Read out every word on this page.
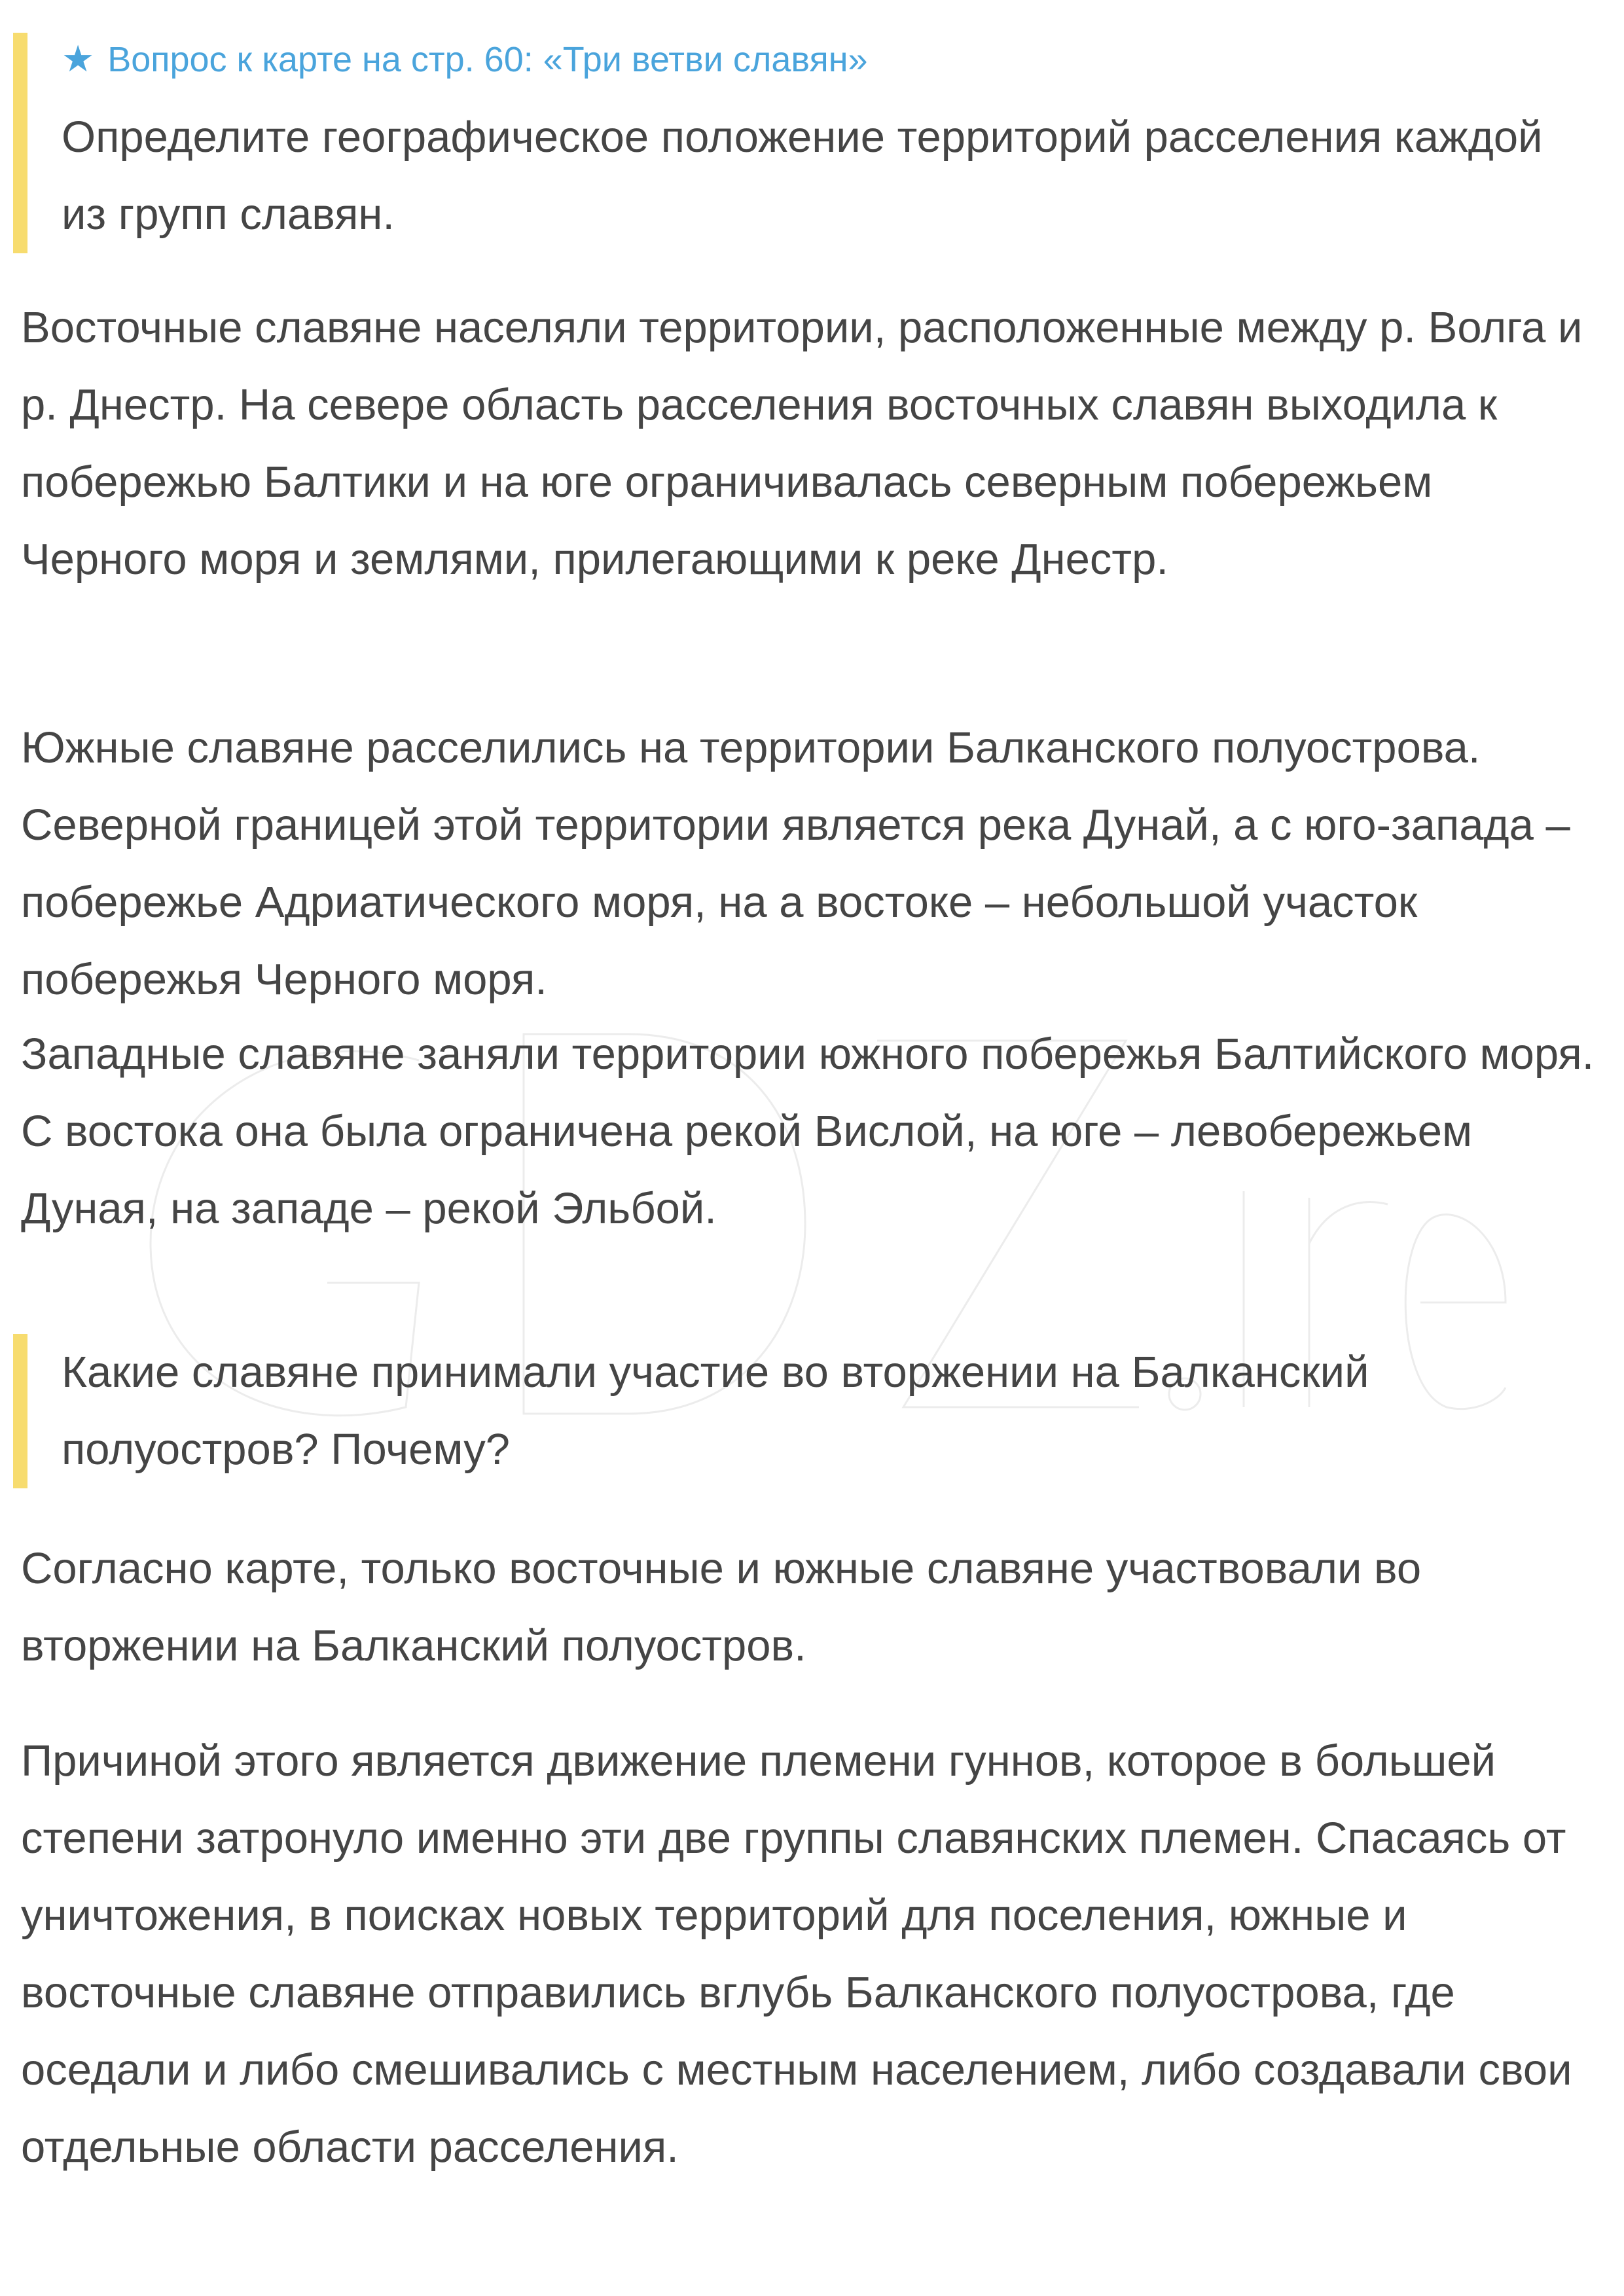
★ Вопрос к карте на стр. 60: «Три ветви славян»

Определите географическое положение территорий расселения каждой из групп славян.

Восточные славяне населяли территории, расположенные между р. Волга и р. Днестр. На севере область расселения восточных славян выходила к побережью Балтики и на юге ограничивалась северным побережьем Черного моря и землями, прилегающими к реке Днестр.

Южные славяне расселились на территории Балканского полуострова. Северной границей этой территории является река Дунай, а с юго-запада – побережье Адриатического моря, на а востоке – небольшой участок побережья Черного моря.

Западные славяне заняли территории южного побережья Балтийского моря. С востока она была ограничена рекой Вислой, на юге – левобережьем Дуная, на западе – рекой Эльбой.

Какие славяне принимали участие во вторжении на Балканский полуостров? Почему?

Согласно карте, только восточные и южные славяне участвовали во вторжении на Балканский полуостров.

Причиной этого является движение племени гуннов, которое в большей степени затронуло именно эти две группы славянских племен. Спасаясь от уничтожения, в поисках новых территорий для поселения, южные и восточные славяне отправились вглубь Балканского полуострова, где оседали и либо смешивались с местным населением, либо создавали свои отдельные области расселения.
